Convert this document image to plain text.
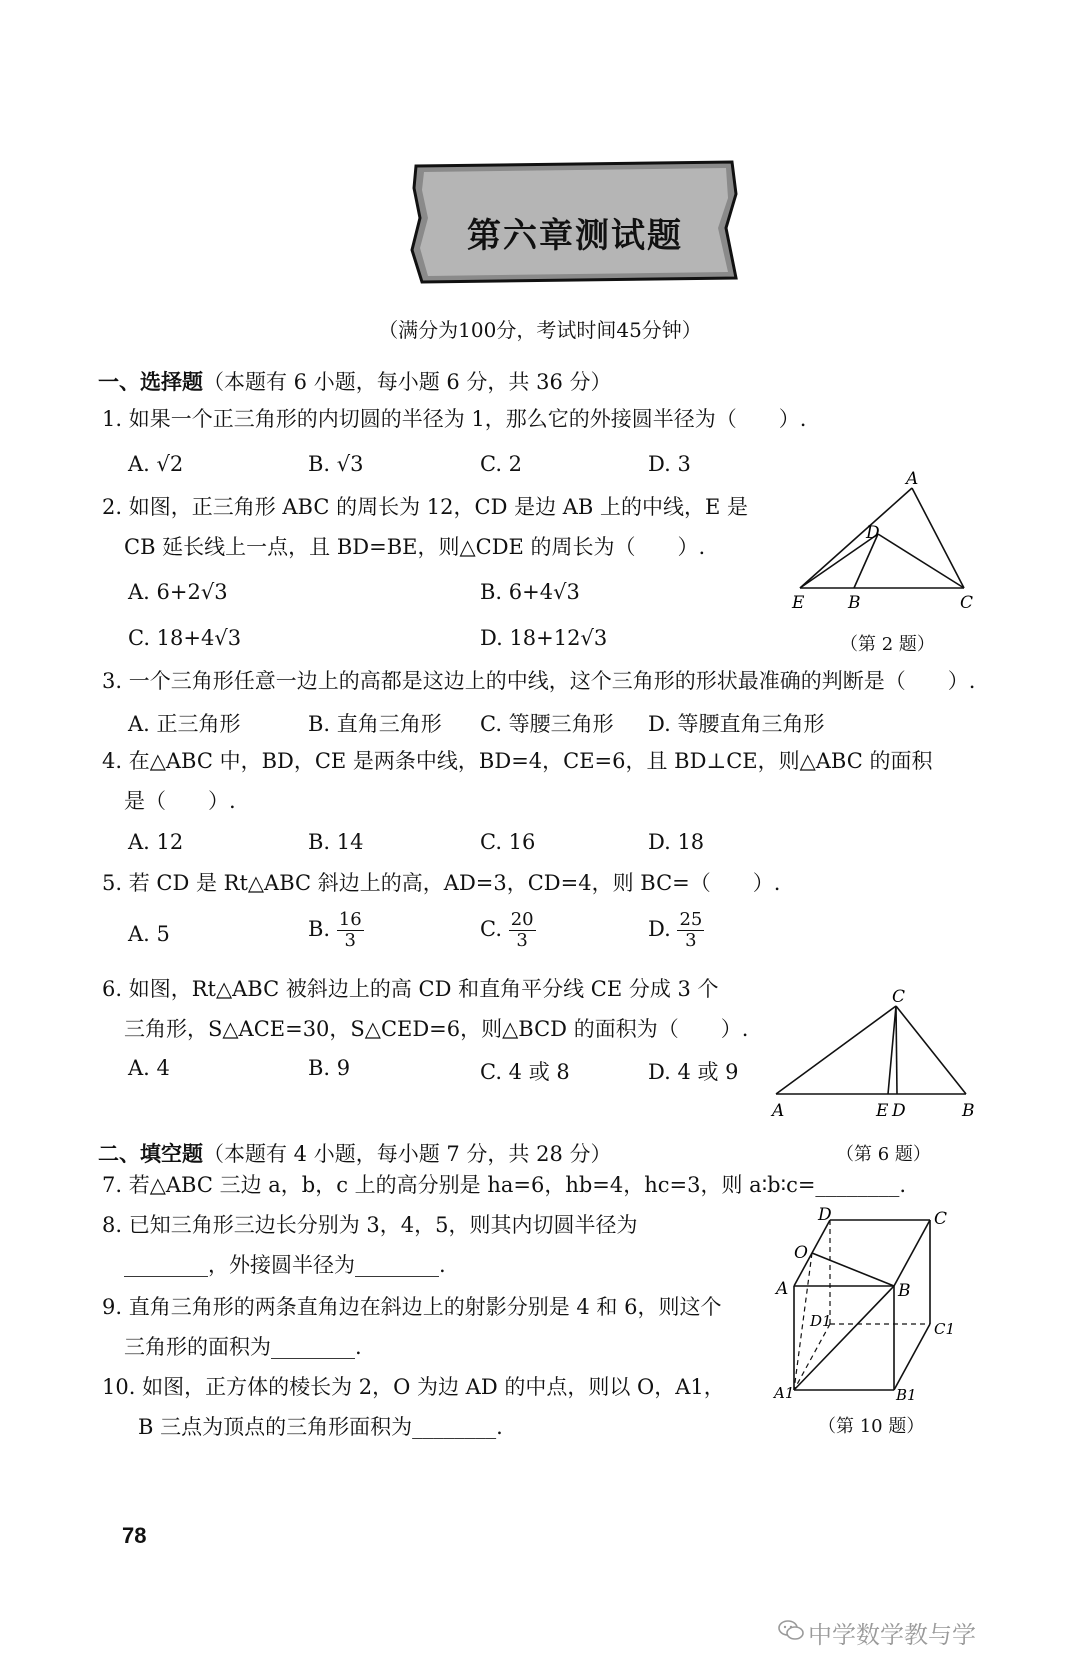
第六章测试题
（满分为100分，考试时间45分钟）
一、选择题（本题有 6 小题，每小题 6 分，共 36 分）
1. 如果一个正三角形的内切圆的半径为 1，那么它的外接圆半径为（　　）.
A. √2	B. √3	C. 2	D. 3
2. 如图，正三角形 ABC 的周长为 12，CD 是边 AB 上的中线，E 是
CB 延长线上一点，且 BD=BE，则△CDE 的周长为（　　）.
A. 6+2√3	B. 6+4√3
C. 18+4√3	D. 18+12√3
A
D
E	B	C
（第 2 题）
3. 一个三角形任意一边上的高都是这边上的中线，这个三角形的形状最准确的判断是（　　）.
A. 正三角形	B. 直角三角形 C. 等腰三角形 D. 等腰直角三角形
4. 在△ABC 中，BD，CE 是两条中线，BD=4，CE=6，且 BD⊥CE，则△ABC 的面积
是（　　）.
A. 12	B. 14	C. 16	D. 18
5. 若 CD 是 Rt△ABC 斜边上的高，AD=3，CD=4，则 BC=（　　）.
A. 5	B. $\frac{16}{3}$	C. $\frac{20}{3}$	D. $\frac{25}{3}$
6. 如图，Rt△ABC 被斜边上的高 CD 和直角平分线 CE 分成 3 个
三角形，S△ACE=30，S△CED=6，则△BCD 的面积为（　　）.
A. 4	B. 9	C. 4 或 8	D. 4 或 9
C
A	E D	B
（第 6 题）
二、填空题（本题有 4 小题，每小题 7 分，共 28 分）
7. 若△ABC 三边 a，b，c 上的高分别是 ha=6，hb=4，hc=3，则 a∶b∶c=________.
8. 已知三角形三边长分别为 3，4，5，则其内切圆半径为
________，外接圆半径为________.
9. 直角三角形的两条直角边在斜边上的射影分别是 4 和 6，则这个
三角形的面积为________.
10. 如图，正方体的棱长为 2，O 为边 AD 的中点，则以 O，A1，
B 三点为顶点的三角形面积为________.
D	C
O
A	B
D1	C1
A1	B1
（第 10 题）
78
中学数学教与学
